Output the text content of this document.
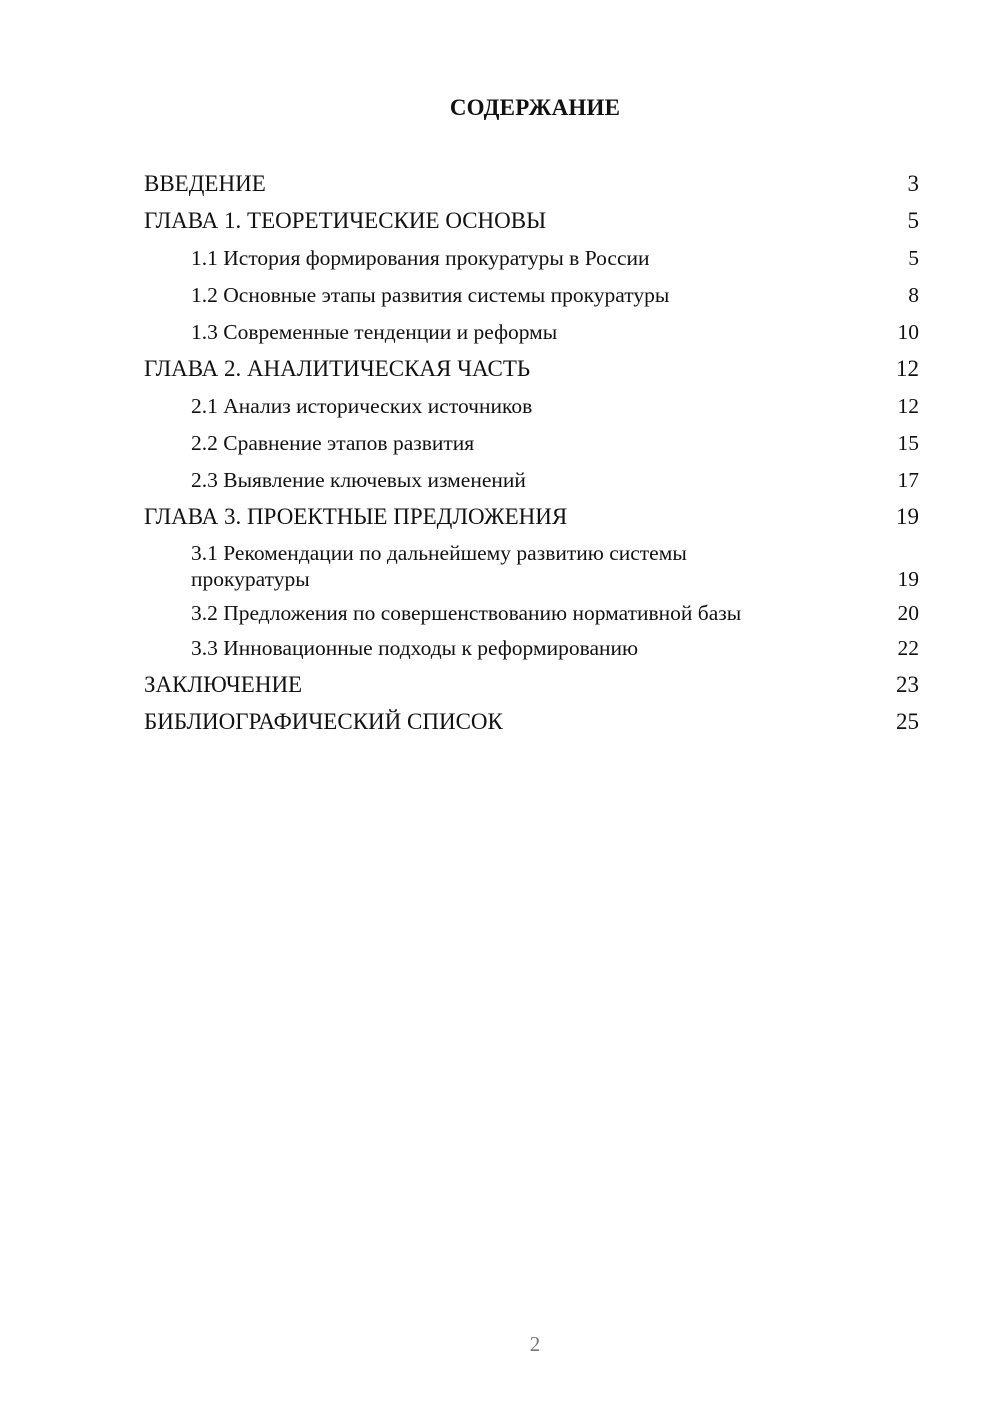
СОДЕРЖАНИЕ
ВВЕДЕНИЕ	3
ГЛАВА 1. ТЕОРЕТИЧЕСКИЕ ОСНОВЫ	5
1.1 История формирования прокуратуры в России	5
1.2 Основные этапы развития системы прокуратуры	8
1.3 Современные тенденции и реформы	10
ГЛАВА 2. АНАЛИТИЧЕСКАЯ ЧАСТЬ	12
2.1 Анализ исторических источников	12
2.2 Сравнение этапов развития	15
2.3 Выявление ключевых изменений	17
ГЛАВА 3. ПРОЕКТНЫЕ ПРЕДЛОЖЕНИЯ	19
3.1 Рекомендации по дальнейшему развитию системы прокуратуры	19
3.2 Предложения по совершенствованию нормативной базы	20
3.3 Инновационные подходы к реформированию	22
ЗАКЛЮЧЕНИЕ	23
БИБЛИОГРАФИЧЕСКИЙ СПИСОК	25
2
